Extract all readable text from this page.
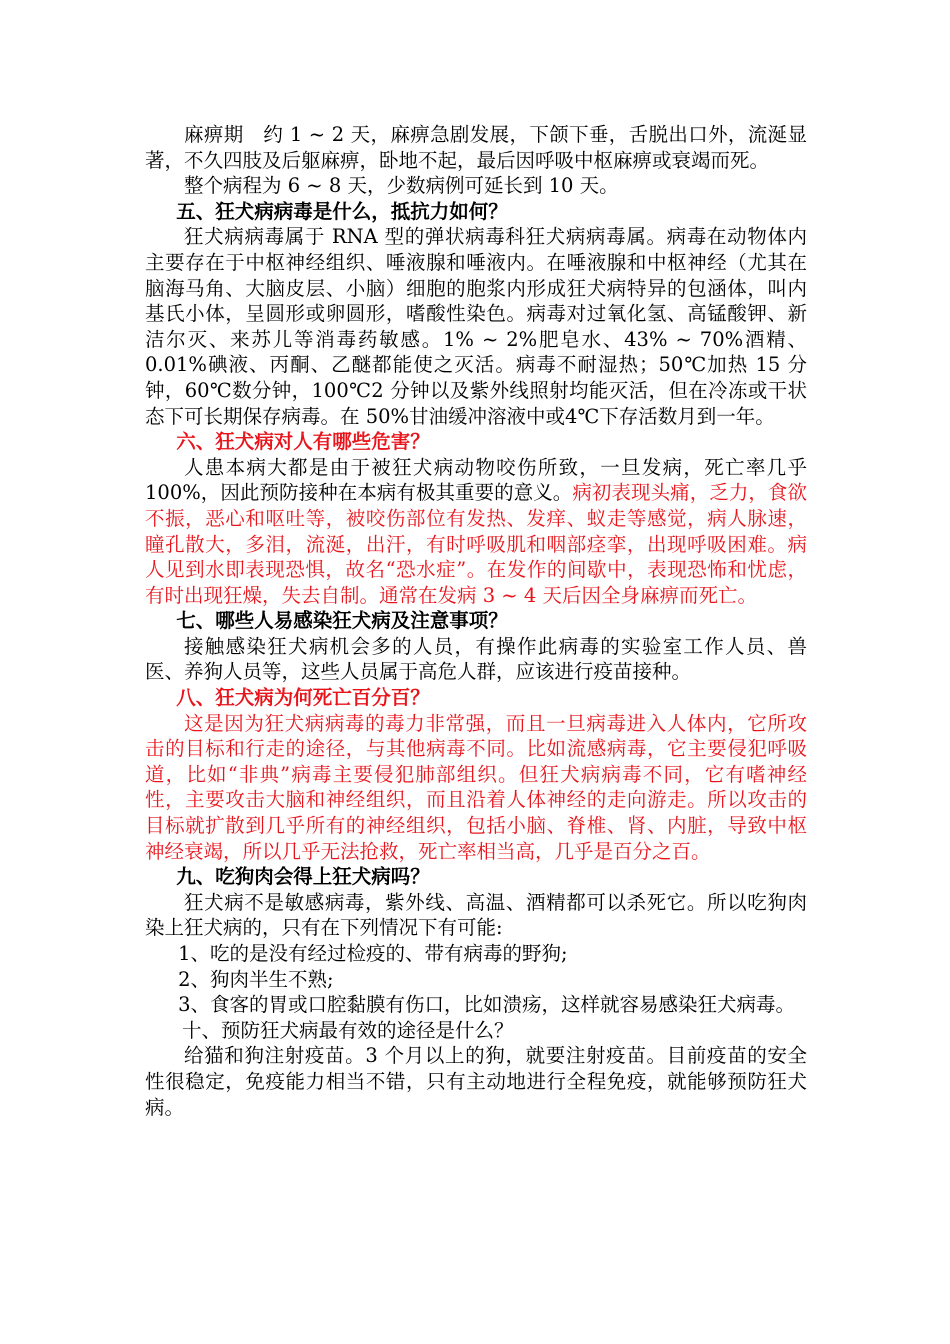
麻痹期　约 1 ~ 2 天，麻痹急剧发展，下颌下垂，舌脱出口外，流涎显著，不久四肢及后躯麻痹，卧地不起，最后因呼吸中枢麻痹或衰竭而死。

整个病程为 6 ~ 8 天，少数病例可延长到 10 天。

五、狂犬病病毒是什么，抵抗力如何？

狂犬病病毒属于 RNA 型的弹状病毒科狂犬病病毒属。病毒在动物体内主要存在于中枢神经组织、唾液腺和唾液内。在唾液腺和中枢神经（尤其在脑海马角、大脑皮层、小脑）细胞的胞浆内形成狂犬病特异的包涵体，叫内基氏小体，呈圆形或卵圆形，嗜酸性染色。病毒对过氧化氢、高锰酸钾、新洁尔灭、来苏儿等消毒药敏感。1% ~ 2%肥皂水、43% ~ 70%酒精、0.01%碘液、丙酮、乙醚都能使之灭活。病毒不耐湿热；50℃加热 15 分钟，60℃数分钟，100℃2 分钟以及紫外线照射均能灭活，但在冷冻或干状态下可长期保存病毒。在 50%甘油缓冲溶液中或4℃下存活数月到一年。

六、狂犬病对人有哪些危害？

人患本病大都是由于被狂犬病动物咬伤所致，一旦发病，死亡率几乎 100%，因此预防接种在本病有极其重要的意义。病初表现头痛，乏力，食欲不振，恶心和呕吐等，被咬伤部位有发热、发痒、蚁走等感觉，病人脉速，瞳孔散大，多泪，流涎，出汗，有时呼吸肌和咽部痉挛，出现呼吸困难。病人见到水即表现恐惧，故名“恐水症”。在发作的间歇中，表现恐怖和忧虑，有时出现狂燥，失去自制。通常在发病 3 ~ 4 天后因全身麻痹而死亡。

七、哪些人易感染狂犬病及注意事项？

接触感染狂犬病机会多的人员，有操作此病毒的实验室工作人员、兽医、养狗人员等，这些人员属于高危人群，应该进行疫苗接种。

八、狂犬病为何死亡百分百？

这是因为狂犬病病毒的毒力非常强，而且一旦病毒进入人体内，它所攻击的目标和行走的途径，与其他病毒不同。比如流感病毒，它主要侵犯呼吸道，比如“非典”病毒主要侵犯肺部组织。但狂犬病病毒不同，它有嗜神经性，主要攻击大脑和神经组织，而且沿着人体神经的走向游走。所以攻击的目标就扩散到几乎所有的神经组织，包括小脑、脊椎、肾、内脏，导致中枢神经衰竭，所以几乎无法抢救，死亡率相当高，几乎是百分之百。

九、吃狗肉会得上狂犬病吗？

狂犬病不是敏感病毒，紫外线、高温、酒精都可以杀死它。所以吃狗肉染上狂犬病的，只有在下列情况下有可能:

1、吃的是没有经过检疫的、带有病毒的野狗;

2、狗肉半生不熟;

3、食客的胃或口腔黏膜有伤口，比如溃疡，这样就容易感染狂犬病毒。

十、预防狂犬病最有效的途径是什么？

给猫和狗注射疫苗。3 个月以上的狗，就要注射疫苗。目前疫苗的安全性很稳定，免疫能力相当不错，只有主动地进行全程免疫，就能够预防狂犬病。
